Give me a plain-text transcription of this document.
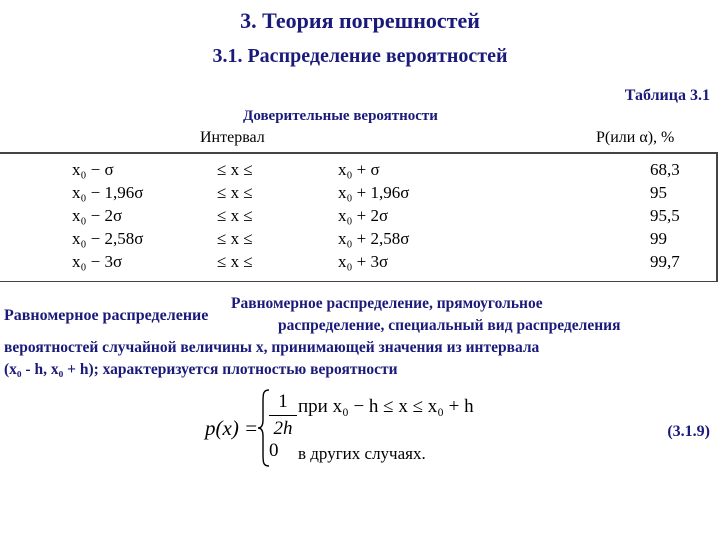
3. Теория погрешностей
3.1. Распределение вероятностей
Таблица 3.1
Доверительные вероятности
Интервал	Р(или α), %
x₀ − σ	≤ x ≤	x₀ + σ	68,3
x₀ − 1,96σ	≤ x ≤	x₀ + 1,96σ	95
x₀ − 2σ	≤ x ≤	x₀ + 2σ	95,5
x₀ − 2,58σ	≤ x ≤	x₀ + 2,58σ	99
x₀ − 3σ	≤ x ≤	x₀ + 3σ	99,7
Равномерное распределение
Равномерное распределение, прямоугольное
распределение, специальный вид распределения
вероятностей случайной величины x, принимающей значения из интервала
(x₀ - h, x₀ + h); характеризуется плотностью вероятности
p(x) =
1
2h
при x₀ − h ≤ x ≤ x₀ + h
0 в других случаях.
(3.1.9)
